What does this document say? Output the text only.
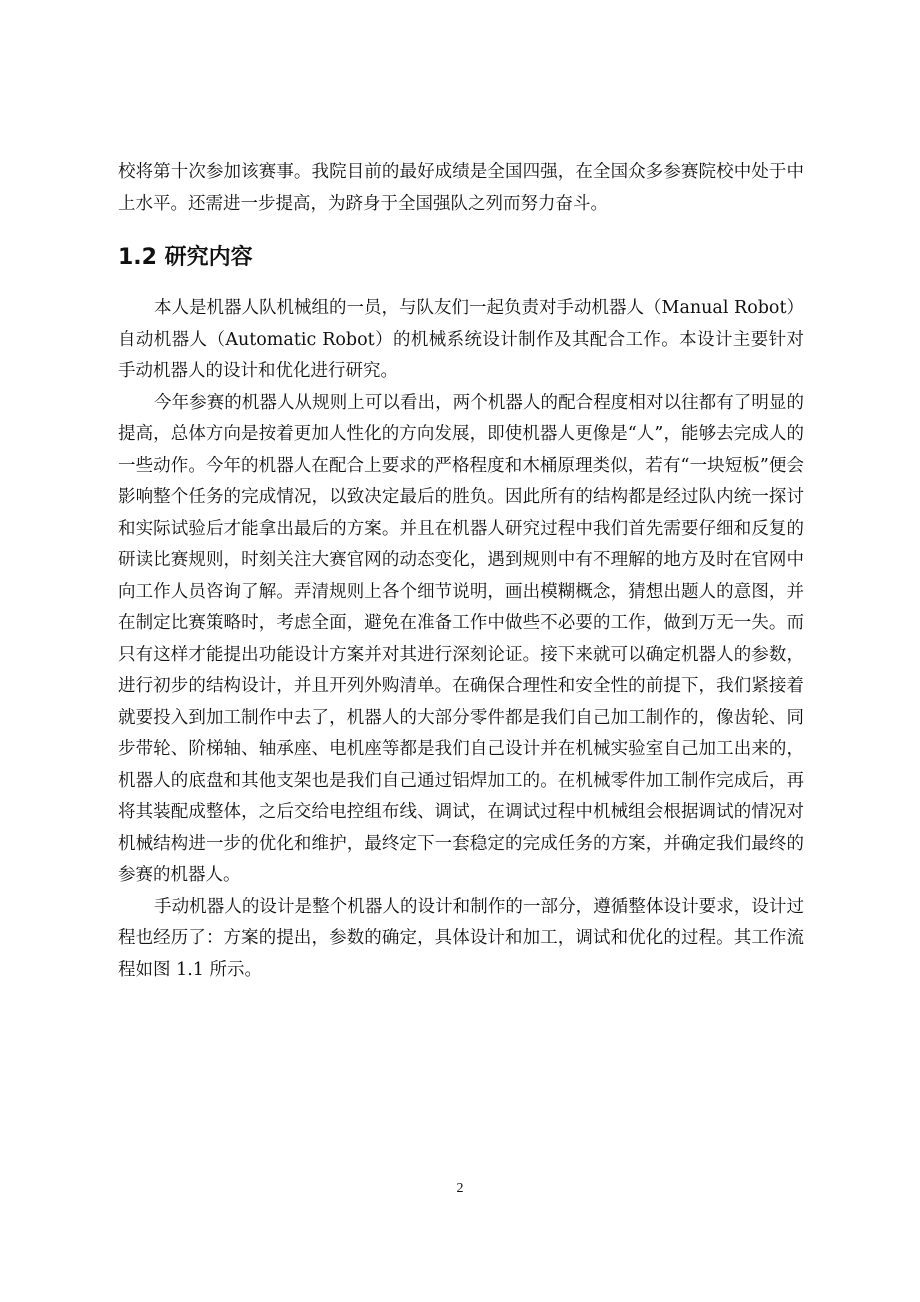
校将第十次参加该赛事。我院目前的最好成绩是全国四强，在全国众多参赛院校中处于中上水平。还需进一步提高，为跻身于全国强队之列而努力奋斗。

1.2 研究内容

本人是机器人队机械组的一员，与队友们一起负责对手动机器人（Manual Robot）自动机器人（Automatic Robot）的机械系统设计制作及其配合工作。本设计主要针对手动机器人的设计和优化进行研究。

今年参赛的机器人从规则上可以看出，两个机器人的配合程度相对以往都有了明显的提高，总体方向是按着更加人性化的方向发展，即使机器人更像是“人”，能够去完成人的一些动作。今年的机器人在配合上要求的严格程度和木桶原理类似，若有“一块短板”便会影响整个任务的完成情况，以致决定最后的胜负。因此所有的结构都是经过队内统一探讨和实际试验后才能拿出最后的方案。并且在机器人研究过程中我们首先需要仔细和反复的研读比赛规则，时刻关注大赛官网的动态变化，遇到规则中有不理解的地方及时在官网中向工作人员咨询了解。弄清规则上各个细节说明，画出模糊概念，猜想出题人的意图，并在制定比赛策略时，考虑全面，避免在准备工作中做些不必要的工作，做到万无一失。而只有这样才能提出功能设计方案并对其进行深刻论证。接下来就可以确定机器人的参数，进行初步的结构设计，并且开列外购清单。在确保合理性和安全性的前提下，我们紧接着就要投入到加工制作中去了，机器人的大部分零件都是我们自己加工制作的，像齿轮、同步带轮、阶梯轴、轴承座、电机座等都是我们自己设计并在机械实验室自己加工出来的，机器人的底盘和其他支架也是我们自己通过铝焊加工的。在机械零件加工制作完成后，再将其装配成整体，之后交给电控组布线、调试，在调试过程中机械组会根据调试的情况对机械结构进一步的优化和维护，最终定下一套稳定的完成任务的方案，并确定我们最终的参赛的机器人。

手动机器人的设计是整个机器人的设计和制作的一部分，遵循整体设计要求，设计过程也经历了：方案的提出，参数的确定，具体设计和加工，调试和优化的过程。其工作流程如图 1.1 所示。

2
